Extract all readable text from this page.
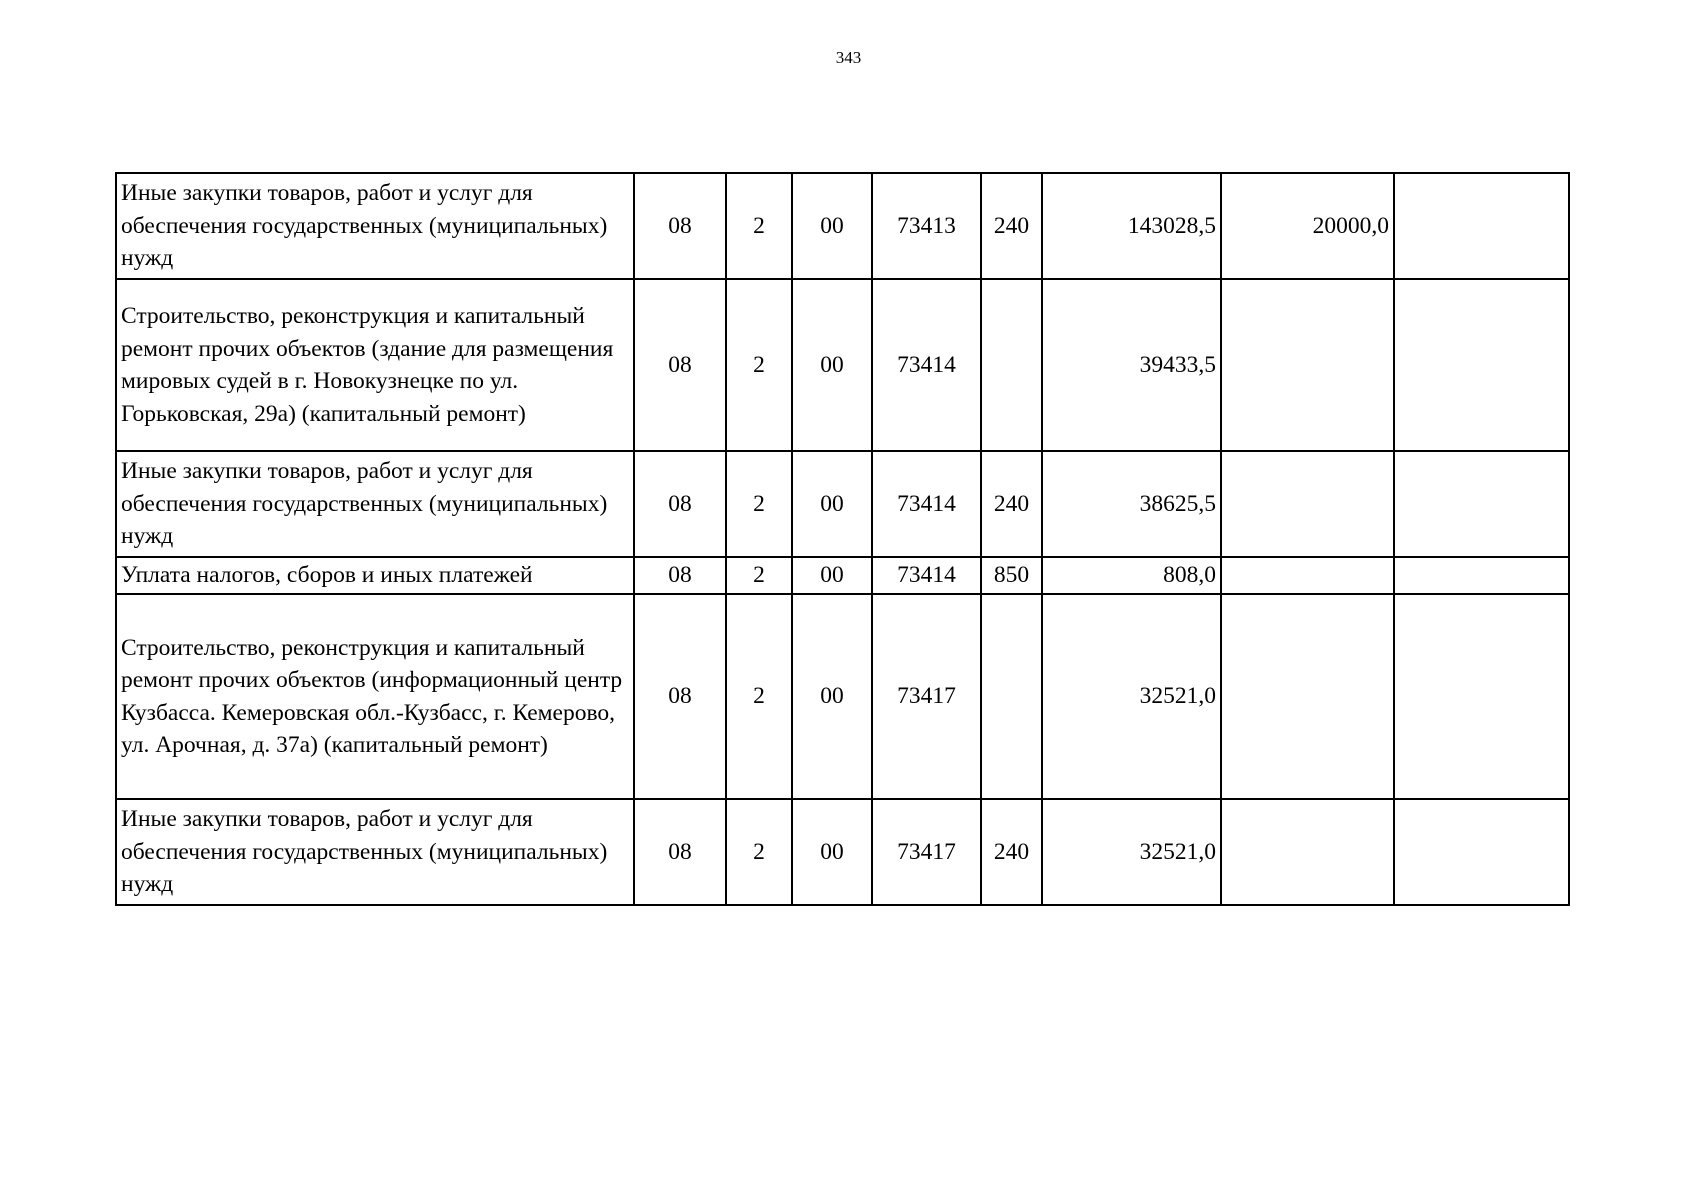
343
Иные закупки товаров, работ и услуг для обеспечения государственных (муниципальных) нужд	08	2	00	73413	240	143028,5	20000,0	
Строительство, реконструкция и капитальный ремонт прочих объектов (здание для размещения мировых судей в г. Новокузнецке по ул. Горьковская, 29а) (капитальный ремонт)	08	2	00	73414		39433,5		
Иные закупки товаров, работ и услуг для обеспечения государственных (муниципальных) нужд	08	2	00	73414	240	38625,5		
Уплата налогов, сборов и иных платежей	08	2	00	73414	850	808,0		
Строительство, реконструкция и капитальный ремонт прочих объектов (информационный центр Кузбасса. Кемеровская обл.-Кузбасс, г. Кемерово, ул. Арочная, д. 37а) (капитальный ремонт)	08	2	00	73417		32521,0		
Иные закупки товаров, работ и услуг для обеспечения государственных (муниципальных) нужд	08	2	00	73417	240	32521,0		
